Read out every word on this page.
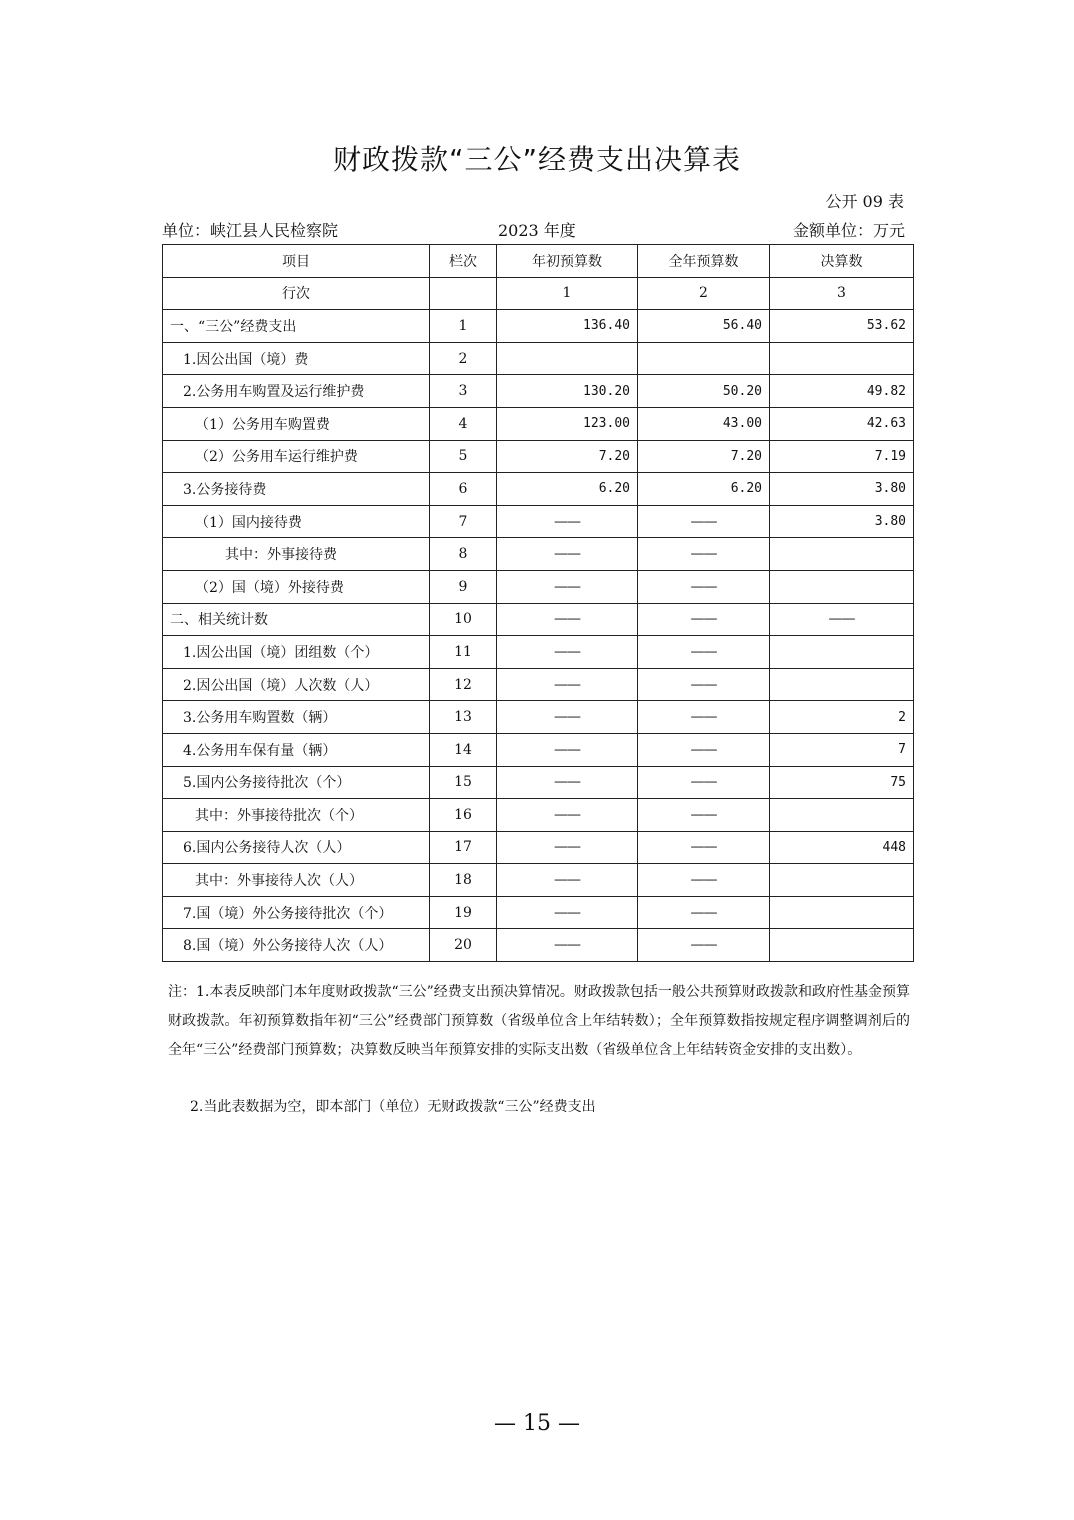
财政拨款“三公”经费支出决算表
公开 09 表
单位：峡江县人民检察院	2023 年度	金额单位：万元
项目	栏次	年初预算数	全年预算数	决算数
行次		1	2	3
一、“三公”经费支出	1	136.40	56.40	53.62
1.因公出国（境）费	2			
2.公务用车购置及运行维护费	3	130.20	50.20	49.82
（1）公务用车购置费	4	123.00	43.00	42.63
（2）公务用车运行维护费	5	7.20	7.20	7.19
3.公务接待费	6	6.20	6.20	3.80
（1）国内接待费	7	——	——	3.80
其中：外事接待费	8	——	——	
（2）国（境）外接待费	9	——	——	
二、相关统计数	10	——	——	——
1.因公出国（境）团组数（个）	11	——	——	
2.因公出国（境）人次数（人）	12	——	——	
3.公务用车购置数（辆）	13	——	——	2
4.公务用车保有量（辆）	14	——	——	7
5.国内公务接待批次（个）	15	——	——	75
其中：外事接待批次（个）	16	——	——	
6.国内公务接待人次（人）	17	——	——	448
其中：外事接待人次（人）	18	——	——	
7.国（境）外公务接待批次（个）	19	——	——	
8.国（境）外公务接待人次（人）	20	——	——	
注：1.本表反映部门本年度财政拨款“三公”经费支出预决算情况。财政拨款包括一般公共预算财政拨款和政府性基金预算财政拨款。年初预算数指年初“三公”经费部门预算数（省级单位含上年结转数）；全年预算数指按规定程序调整调剂后的全年“三公”经费部门预算数；决算数反映当年预算安排的实际支出数（省级单位含上年结转资金安排的支出数）。
2.当此表数据为空，即本部门（单位）无财政拨款“三公”经费支出
— 15 —
